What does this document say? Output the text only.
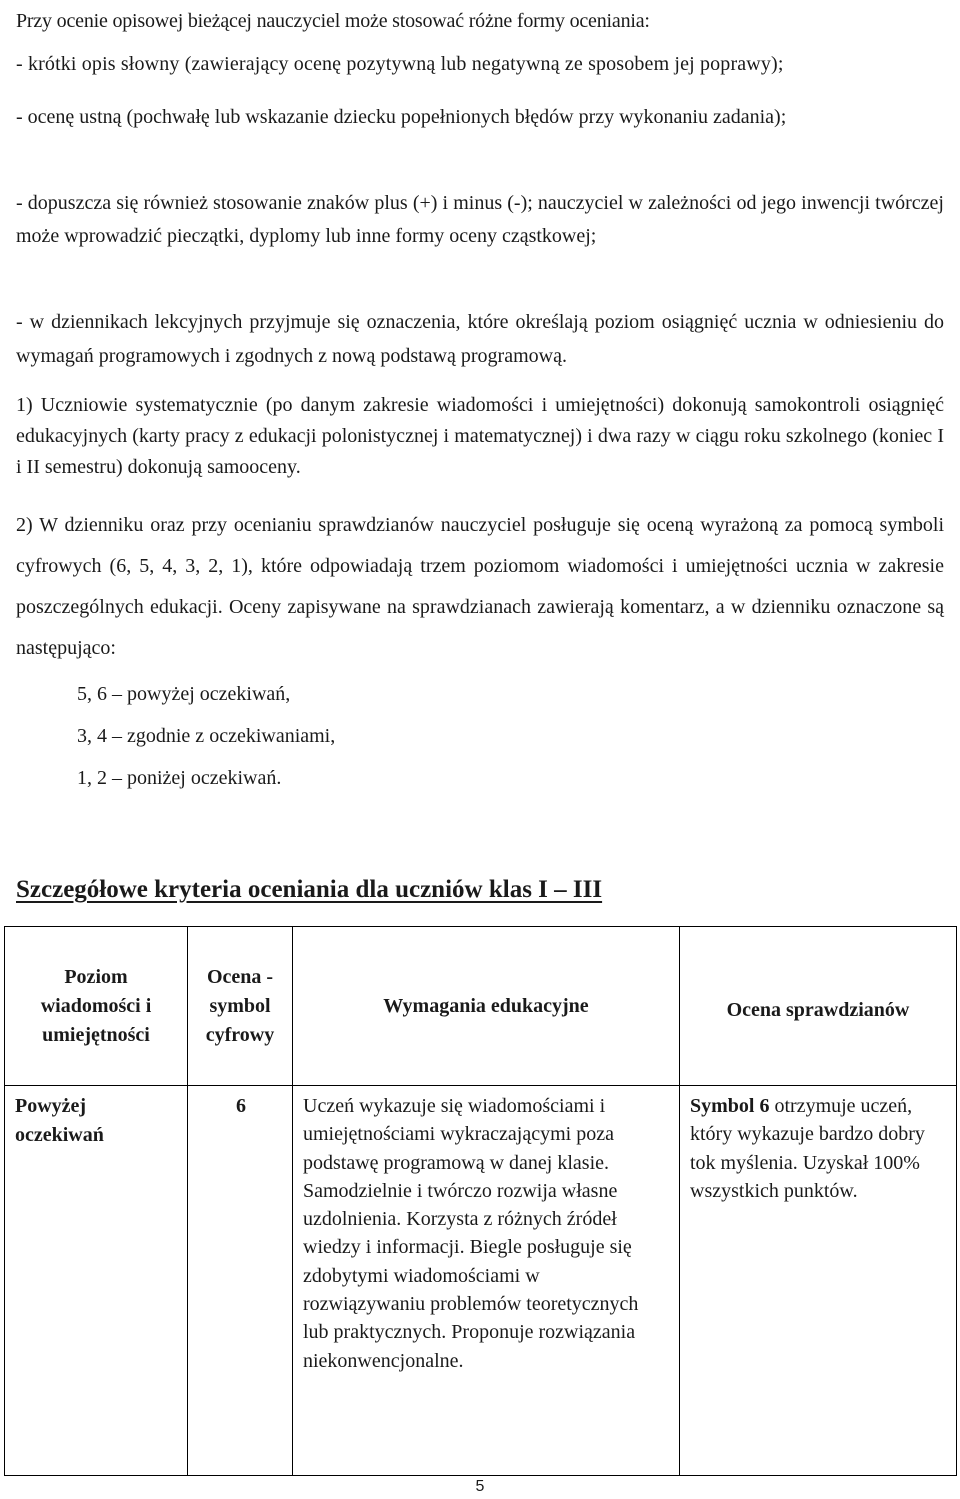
Przy ocenie opisowej bieżącej nauczyciel może stosować różne formy oceniania:

- krótki opis słowny (zawierający ocenę pozytywną lub negatywną ze sposobem jej poprawy);

- ocenę ustną (pochwałę lub wskazanie dziecku popełnionych błędów przy wykonaniu zadania);

- dopuszcza się również stosowanie znaków plus (+) i minus (-); nauczyciel w zależności od jego inwencji twórczej może wprowadzić pieczątki, dyplomy lub inne formy oceny cząstkowej;

- w dziennikach lekcyjnych przyjmuje się oznaczenia, które określają poziom osiągnięć ucznia w odniesieniu do wymagań programowych i zgodnych z nową podstawą programową.

1) Uczniowie systematycznie (po danym zakresie wiadomości i umiejętności) dokonują samokontroli osiągnięć edukacyjnych (karty pracy z edukacji polonistycznej i matematycznej) i dwa razy w ciągu roku szkolnego (koniec I i II semestru) dokonują samooceny.

2) W dzienniku oraz przy ocenianiu sprawdzianów nauczyciel posługuje się oceną wyrażoną za pomocą symboli cyfrowych (6, 5, 4, 3, 2, 1), które odpowiadają trzem poziomom wiadomości i umiejętności ucznia w zakresie poszczególnych edukacji. Oceny zapisywane na sprawdzianach zawierają komentarz, a w dzienniku oznaczone są następująco:

5, 6 – powyżej oczekiwań,
3, 4 – zgodnie z oczekiwaniami,
1, 2 – poniżej oczekiwań.
Szczegółowe kryteria oceniania dla uczniów klas I – III
Poziom wiadomości i umiejętności	Ocena - symbol cyfrowy	Wymagania edukacyjne	Ocena sprawdzianów
Powyżej oczekiwań	6	Uczeń wykazuje się wiadomościami i umiejętnościami wykraczającymi poza podstawę programową w danej klasie. Samodzielnie i twórczo rozwija własne uzdolnienia. Korzysta z różnych źródeł wiedzy i informacji. Biegle posługuje się zdobytymi wiadomościami w rozwiązywaniu problemów teoretycznych lub praktycznych. Proponuje rozwiązania niekonwencjonalne.	Symbol 6 otrzymuje uczeń, który wykazuje bardzo dobry tok myślenia. Uzyskał 100% wszystkich punktów.
5
